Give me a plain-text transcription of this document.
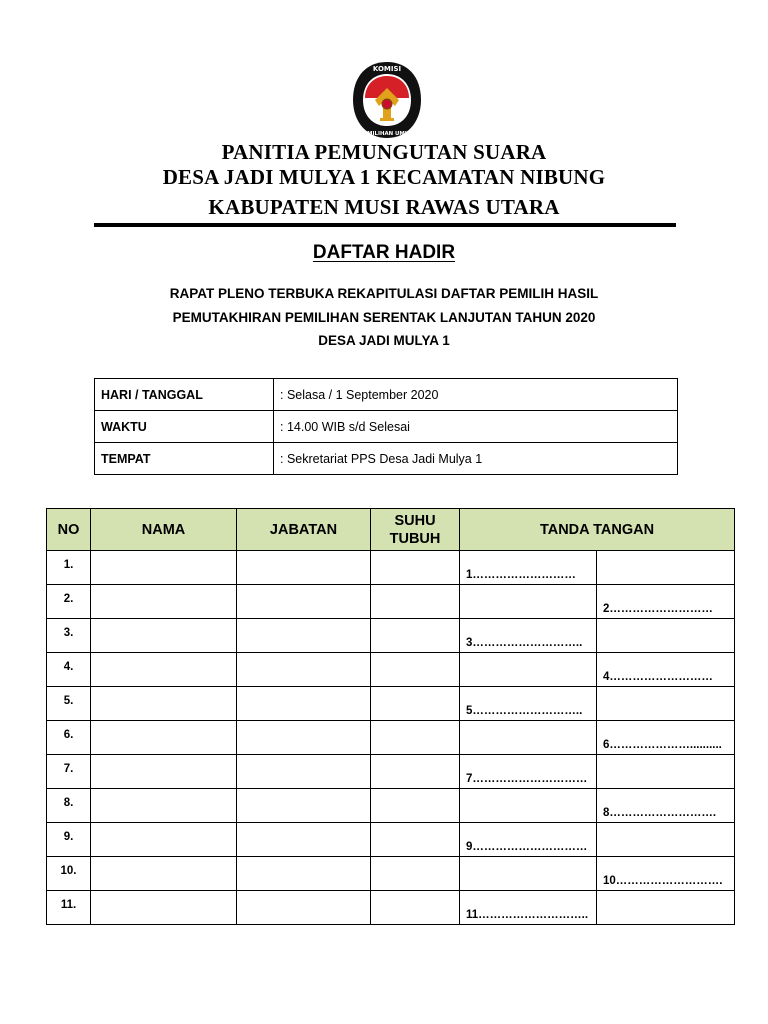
KOMISI
PEMILIHAN UMUM
PANITIA PEMUNGUTAN SUARA
DESA JADI MULYA 1 KECAMATAN NIBUNG
KABUPATEN MUSI RAWAS UTARA
DAFTAR HADIR
RAPAT PLENO TERBUKA REKAPITULASI DAFTAR PEMILIH HASIL
PEMUTAKHIRAN PEMILIHAN SERENTAK LANJUTAN TAHUN 2020
DESA JADI MULYA 1
HARI / TANGGAL	: Selasa / 1 September 2020
WAKTU	: 14.00 WIB s/d Selesai
TEMPAT	: Sekretariat PPS Desa Jadi Mulya 1
NO	NAMA	JABATAN	SUHU
TUBUH	TANDA TANGAN	
1.				1………………………	
2.					2………………………
3.				3………………………..	
4.					4………………………
5.				5………………………..	
6.					6…………………..........
7.				7…………………………	
8.					8……………………….
9.				9…………………………	
10.					10……………………….
11.				11………………………..	
